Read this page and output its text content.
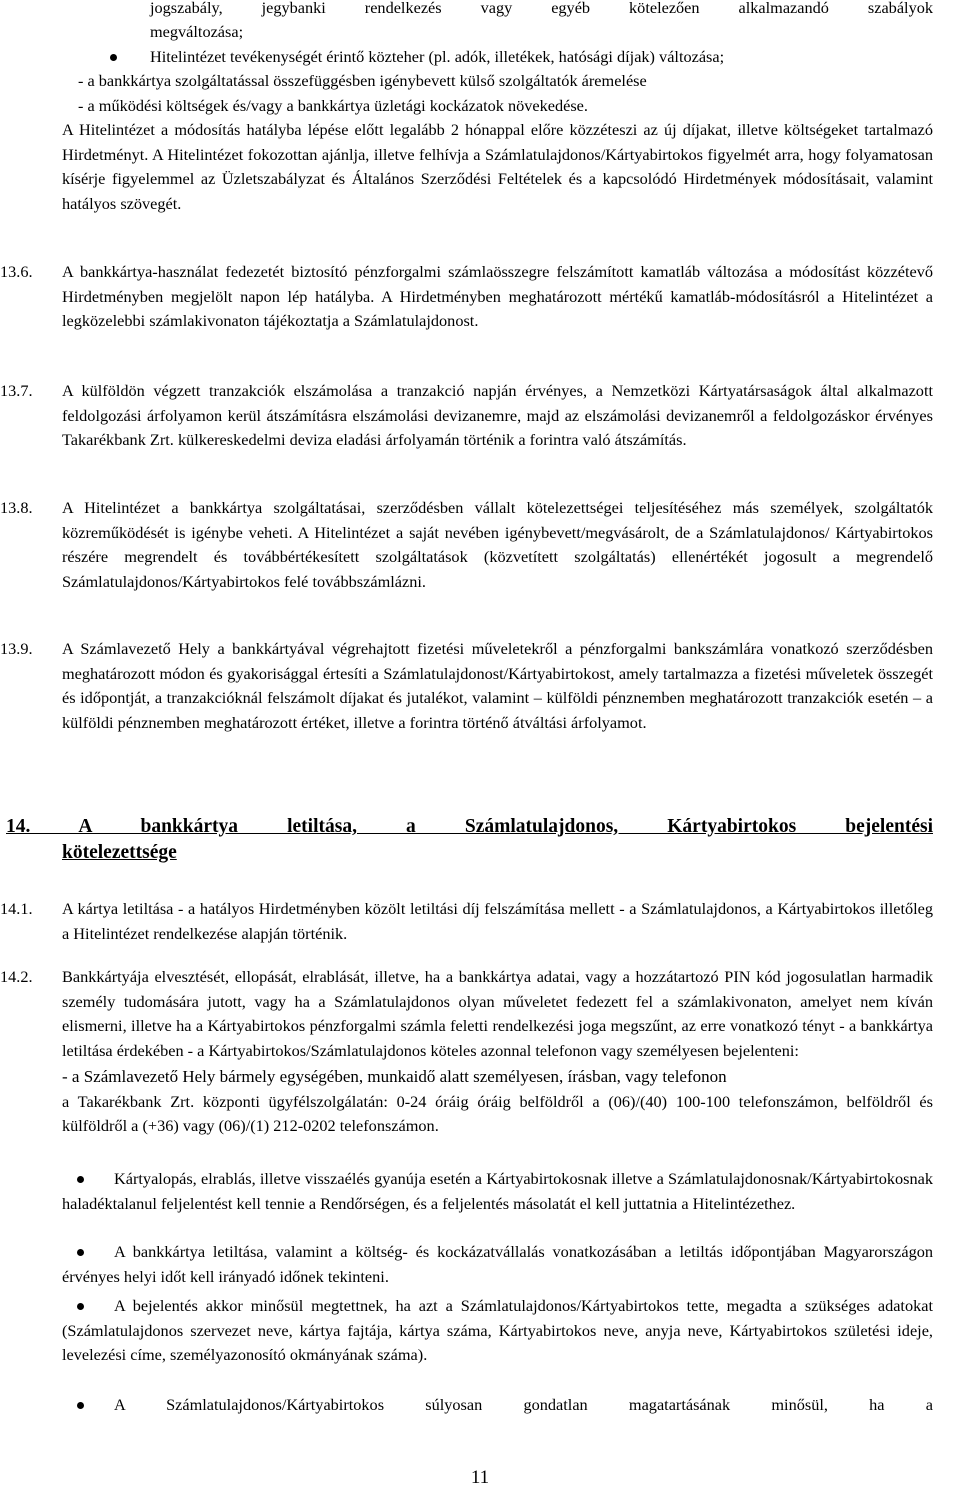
jogszabály, jegybanki rendelkezés vagy egyéb kötelezően alkalmazandó szabályok

megváltozása;

Hitelintézet tevékenységét érintő közteher (pl. adók, illetékek, hatósági díjak) változása;

- a bankkártya szolgáltatással összefüggésben igénybevett külső szolgáltatók áremelése

- a működési költségek és/vagy a bankkártya üzletági kockázatok növekedése.

A Hitelintézet a módosítás hatályba lépése előtt legalább 2 hónappal előre közzéteszi az új díjakat, illetve költségeket tartalmazó Hirdetményt. A Hitelintézet fokozottan ajánlja, illetve felhívja a Számlatulajdonos/Kártyabirtokos figyelmét arra, hogy folyamatosan kísérje figyelemmel az Üzletszabályzat és Általános Szerződési Feltételek és a kapcsolódó Hirdetmények módosításait, valamint hatályos szövegét.

13.6.	A bankkártya-használat fedezetét biztosító pénzforgalmi számlaösszegre felszámított kamatláb változása a módosítást közzétevő Hirdetményben megjelölt napon lép hatályba. A Hirdetményben meghatározott mértékű kamatláb-módosításról a Hitelintézet a legközelebbi számlakivonaton tájékoztatja a Számlatulajdonost.

13.7.	A külföldön végzett tranzakciók elszámolása a tranzakció napján érvényes, a Nemzetközi Kártyatársaságok által alkalmazott feldolgozási árfolyamon kerül átszámításra elszámolási devizanemre, majd az elszámolási devizanemről a feldolgozáskor érvényes Takarékbank Zrt. külkereskedelmi deviza eladási árfolyamán történik a forintra való átszámítás.

13.8.	A Hitelintézet a bankkártya szolgáltatásai, szerződésben vállalt kötelezettségei teljesítéséhez más személyek, szolgáltatók közreműködését is igénybe veheti. A Hitelintézet a saját nevében igénybevett/megvásárolt, de a Számlatulajdonos/ Kártyabirtokos részére megrendelt és továbbértékesített szolgáltatások (közvetített szolgáltatás) ellenértékét jogosult a megrendelő Számlatulajdonos/Kártyabirtokos felé továbbszámlázni.

13.9.	A Számlavezető Hely a bankkártyával végrehajtott fizetési műveletekről a pénzforgalmi bankszámlára vonatkozó szerződésben meghatározott módon és gyakorisággal értesíti a Számlatulajdonost/Kártyabirtokost, amely tartalmazza a fizetési műveletek összegét és időpontját, a tranzakcióknál felszámolt díjakat és jutalékot, valamint – külföldi pénznemben meghatározott tranzakciók esetén – a külföldi pénznemben meghatározott értéket, illetve a forintra történő átváltási árfolyamot.

14. A bankkártya letiltása, a Számlatulajdonos, Kártyabirtokos bejelentési

kötelezettsége

14.1.	A kártya letiltása - a hatályos Hirdetményben közölt letiltási díj felszámítása mellett - a Számlatulajdonos, a Kártyabirtokos illetőleg a Hitelintézet rendelkezése alapján történik.

14.2.	Bankkártyája elvesztését, ellopását, elrablását, illetve, ha a bankkártya adatai, vagy a hozzátartozó PIN kód jogosulatlan harmadik személy tudomására jutott, vagy ha a Számlatulajdonos olyan műveletet fedezett fel a számlakivonaton, amelyet nem kíván elismerni, illetve ha a Kártyabirtokos pénzforgalmi számla feletti rendelkezési joga megszűnt, az erre vonatkozó tényt - a bankkártya letiltása érdekében - a Kártyabirtokos/Számlatulajdonos köteles azonnal telefonon vagy személyesen bejelenteni:

- a Számlavezető Hely bármely egységében, munkaidő alatt személyesen, írásban, vagy telefonon

a Takarékbank Zrt. központi ügyfélszolgálatán: 0-24 óráig óráig belföldről a (06)/(40) 100-100 telefonszámon, belföldről és külföldről a (+36) vagy (06)/(1) 212-0202 telefonszámon.

Kártyalopás, elrablás, illetve visszaélés gyanúja esetén a Kártyabirtokosnak illetve a Számlatulajdonosnak/Kártyabirtokosnak haladéktalanul feljelentést kell tennie a Rendőrségen, és a feljelentés másolatát el kell juttatnia a Hitelintézethez.

A bankkártya letiltása, valamint a költség- és kockázatvállalás vonatkozásában a letiltás időpontjában Magyarországon érvényes helyi időt kell irányadó időnek tekinteni.

A bejelentés akkor minősül megtettnek, ha azt a Számlatulajdonos/Kártyabirtokos tette, megadta a szükséges adatokat (Számlatulajdonos szervezet neve, kártya fajtája, kártya száma, Kártyabirtokos neve, anyja neve, Kártyabirtokos születési ideje, levelezési címe, személyazonosító okmányának száma).

A Számlatulajdonos/Kártyabirtokos súlyosan gondatlan magatartásának minősül, ha a

11
